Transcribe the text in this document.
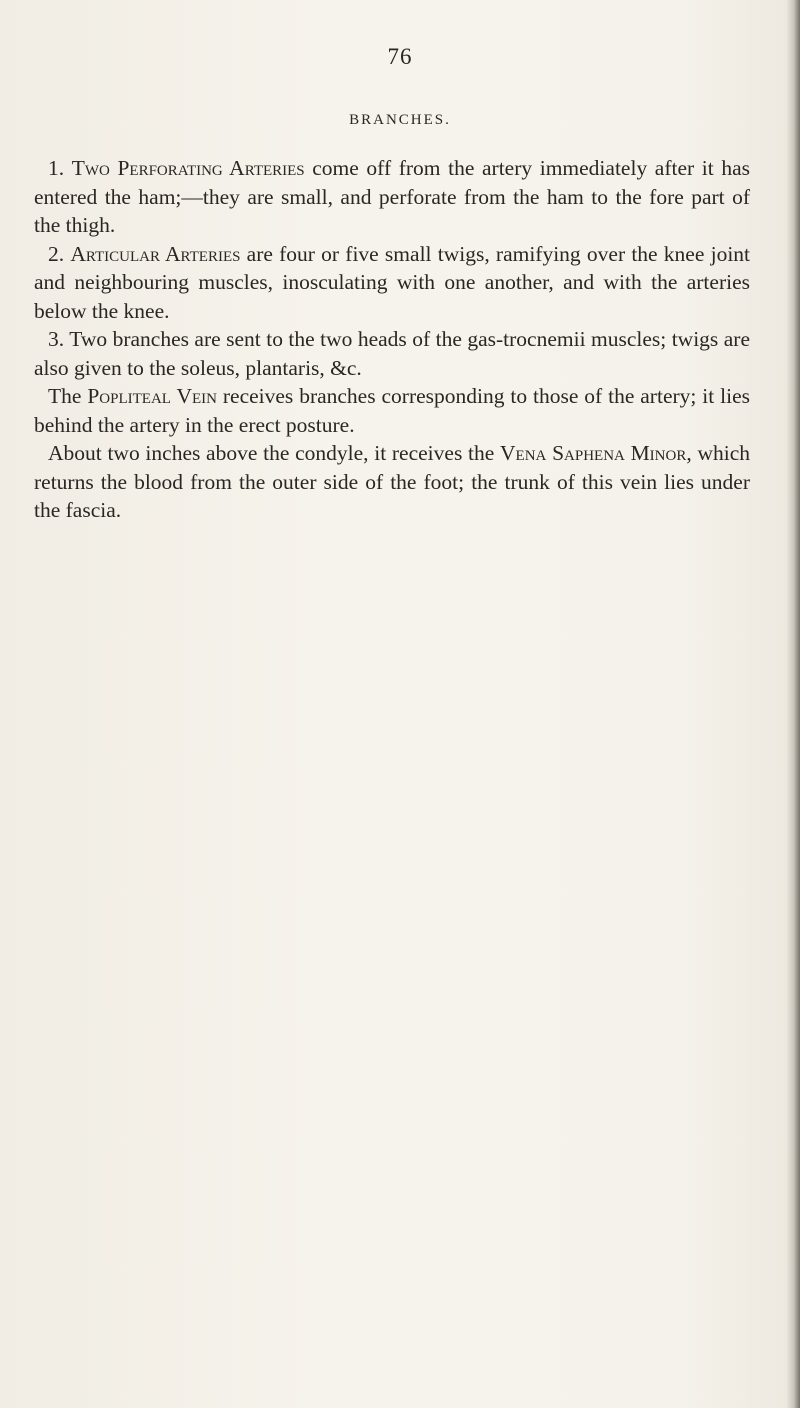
76
BRANCHES.

1. Two Perforating Arteries come off from the artery immediately after it has entered the ham;—they are small, and perforate from the ham to the fore part of the thigh.

2. Articular Arteries are four or five small twigs, ramifying over the knee joint and neighbouring muscles, inosculating with one another, and with the arteries below the knee.

3. Two branches are sent to the two heads of the gas-trocnemii muscles; twigs are also given to the soleus, plantaris, &c.

The Popliteal Vein receives branches corresponding to those of the artery; it lies behind the artery in the erect posture.

About two inches above the condyle, it receives the Vena Saphena Minor, which returns the blood from the outer side of the foot; the trunk of this vein lies under the fascia.
